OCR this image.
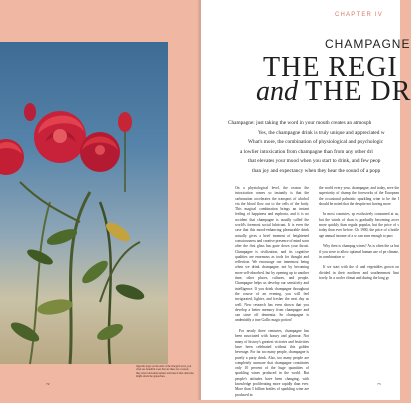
Opposite page: At the ends of the vineyard rows, you often see beautiful roses that are there for a reason: they attract unwanted spiders and insects that otherwise might attack the grapevines.

72
CHAPTER IV
CHAMPAGNE
THE REGI
and THE DR

Champagne: just taking the word in your mouth creates an atmosph
Yes, the champagne drink is truly unique and appreciated w
What's more, the combination of physiological and psychologic
a lowlier intoxication from champagne than from any other dri
that elevates your mood when you start to drink, and few peop
than joy and expectancy when they hear the sound of a popp

On a physiological level, the reason the intoxication comes so instantly is that the carbonation accelerates the transport of alcohol via the blood flow out to the cells of the body. This magical combination brings an instant feeling of happiness and euphoria, and it is no accident that champagne is usually called the world's foremost social lubricant. It is even the case that this mood-enhancing pleasurable drink actually gives a brief moment of heightened consciousness and creative presence of mind soon after the first glass has gone down your throat. Champagne is civilization, and its cognitive qualities are enormous as tools for thought and reflection. We encourage our innermost being when we drink champagne, not by becoming more self-absorbed, but by opening up to another time, other places, cultures, and people. Champagne helps us develop our sensitivity and intelligence. If you drink champagne throughout the course of an evening, you will feel invigorated, lighter, and fresher the next day as well. New research has even shown that you develop a better memory from champagne and can stave off dementia. So champagne is undeniably a true Gallic magic potion!

For nearly three centuries, champagne has been associated with luxury and glamour. Not many of history's greatest victories and festivities have been celebrated without this golden beverage. For far too many people, champagne is purely a party drink. Also, too many people are completely unaware that champagne constitutes only 10 percent of the huge quantities of sparkling wines produced in the world. But people's attitudes have been changing, with knowledge proliferating more rapidly than ever. More than 3 billion bottles of sparkling wine are produced in

the world every year, champagne, and today, seve the superiority of champ the foreworks of the European the occasional palmistic sparkling wine to be the I should be noted that the despite not having more

In most countries, sp exclusively consumed at us, but the winds of chan is gradually becoming accer more quickly than regula popular, but the price of s today than ever before. Ch 1900, the price of a bottle age annual income of a w can earn enough to purc

Why then is champag wines? As is often the ca but if you were to allow optimal human use of pe climate, in combination w

If we start with the cl and vegetables grown on divided in their northern and southernmost limi torely. In a cooler climat and during the long gr

73
